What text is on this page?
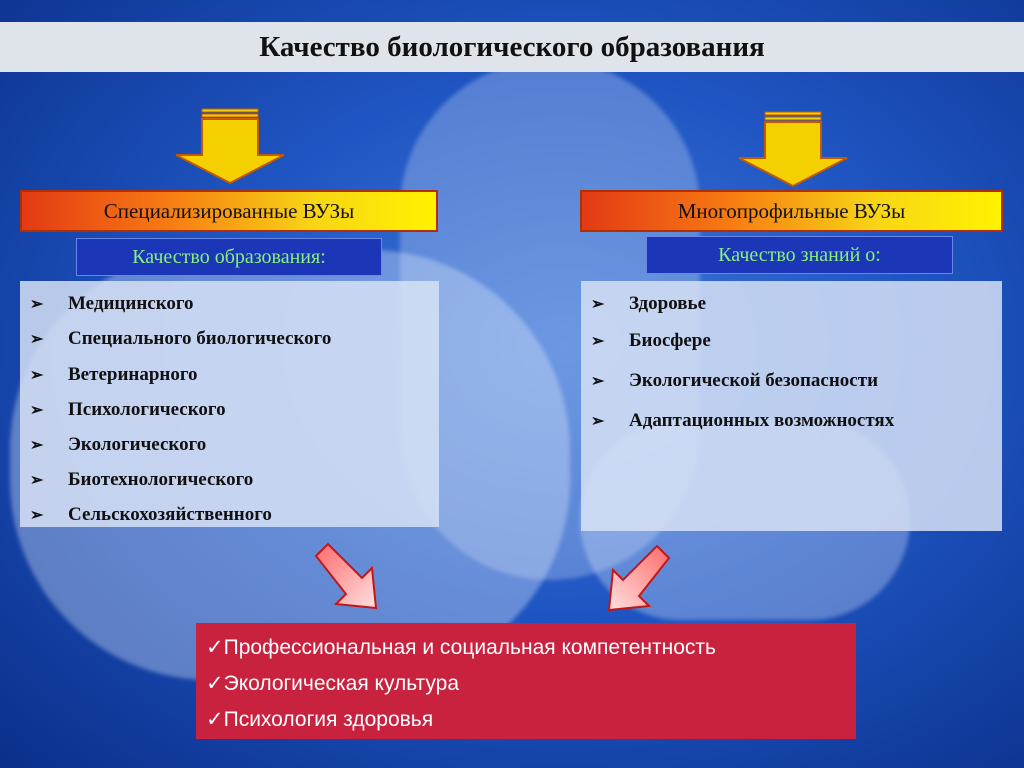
Качество биологического образования
Специализированные ВУЗы	Многопрофильные ВУЗы
Качество образования:	Качество знаний о:
➢	Медицинского
➢	Специального биологического
➢	Ветеринарного
➢	Психологического
➢	Экологического
➢	Биотехнологического
➢	Сельскохозяйственного
➢	Здоровье
➢	Биосфере
➢	Экологической безопасности
➢	Адаптационных возможностях
✓Профессиональная и социальная компетентность
✓Экологическая культура
✓Психология здоровья
